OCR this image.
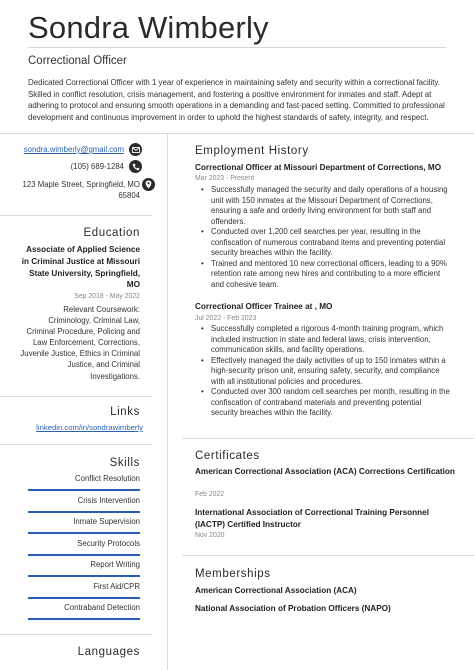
Sondra Wimberly
Correctional Officer

Dedicated Correctional Officer with 1 year of experience in maintaining safety and security within a correctional facility. Skilled in conflict resolution, crisis management, and fostering a positive environment for inmates and staff. Adept at adhering to protocol and ensuring smooth operations in a demanding and fast-paced setting. Committed to professional development and continuous improvement in order to uphold the highest standards of safety, integrity, and respect.

sondra.wimberly@gmail.com
(105) 689-1284
123 Maple Street, Springfield, MO 65804
Education
Associate of Applied Science in Criminal Justice at Missouri State University, Springfield, MO
Sep 2018 - May 2022
Relevant Coursework: Criminology, Criminal Law, Criminal Procedure, Policing and Law Enforcement, Corrections, Juvenile Justice, Ethics in Criminal Justice, and Criminal Investigations.
Links
linkedin.com/in/sondrawimberly
Skills
Conflict Resolution
Crisis Intervention
Inmate Supervision
Security Protocols
Report Writing
First Aid/CPR
Contraband Detection
Languages
Employment History
Correctional Officer at Missouri Department of Corrections, MO
Mar 2023 - Present
• Successfully managed the security and daily operations of a housing unit with 150 inmates at the Missouri Department of Corrections, ensuring a safe and orderly living environment for both staff and offenders.
• Conducted over 1,200 cell searches per year, resulting in the confiscation of numerous contraband items and preventing potential security breaches within the facility.
• Trained and mentored 10 new correctional officers, leading to a 90% retention rate among new hires and contributing to a more efficient and cohesive team.
Correctional Officer Trainee at , MO
Jul 2022 - Feb 2023
• Successfully completed a rigorous 4-month training program, which included instruction in state and federal laws, crisis intervention, communication skills, and facility operations.
• Effectively managed the daily activities of up to 150 inmates within a high-security prison unit, ensuring safety, security, and compliance with all institutional policies and procedures.
• Conducted over 300 random cell searches per month, resulting in the confiscation of contraband materials and preventing potential security breaches within the facility.
Certificates
American Correctional Association (ACA) Corrections Certification
Feb 2022
International Association of Correctional Training Personnel (IACTP) Certified Instructor
Nov 2020
Memberships
American Correctional Association (ACA)
National Association of Probation Officers (NAPO)
